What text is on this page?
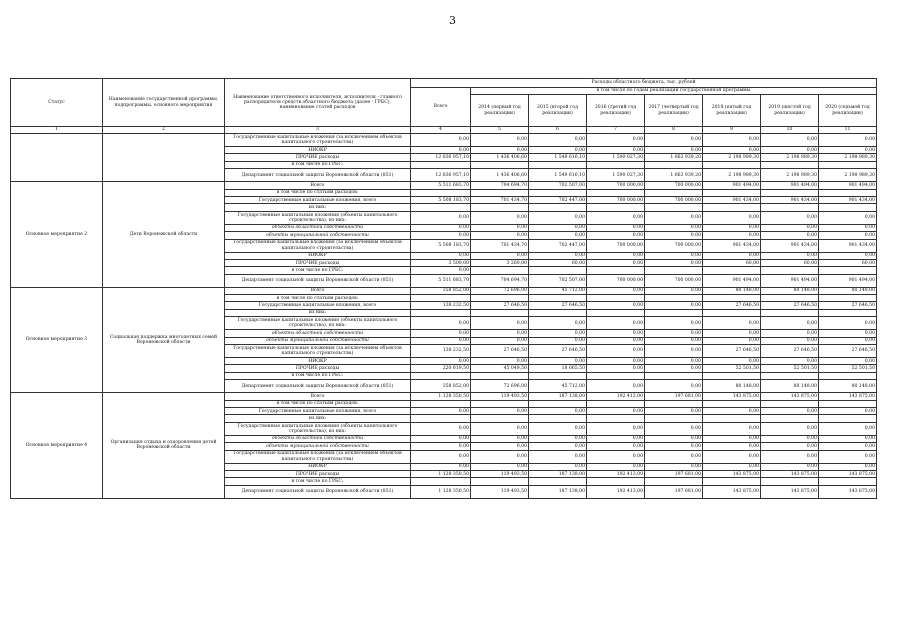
3
Статус	Наименование государственной программы, подпрограммы, основного мероприятия	Наименование ответственного исполнителя, исполнителя - главного распорядителя средств областного бюджета (далее - ГРБС), наименование статей расходов	Расходы областного бюджета, тыс. рублей							
			Всего	в том числе по годам реализации государственной программы						
				2014 (первый год реализации)	2015 (второй год реализации)	2016 (третий год реализации)	2017 (четвертый год реализации)	2018 (пятый год реализации)	2019 (шестой год реализации)	2020 (седьмой год реализации)
1	2	3	4	5	6	7	8	9	10	11
		Государственные капитальные вложения (за исключением объектов капитального строительства)	0,00	0,00	0,00	0,00	0,00	0,00	0,00	0,00
		НИОКР	0,00	0,00	0,00	0,00	0,00	0,00	0,00	0,00
		ПРОЧИЕ расходы	12 836 957,10	1 436 406,60	1 549 616,10	1 590 027,30	1 663 939,20	2 198 989,30	2 198 989,30	2 198 989,30
		в том числе по ГРБС:								
		Департамент социальной защиты Воронежской области (851)	12 836 957,10	1 436 406,60	1 549 616,10	1 590 027,30	1 663 939,20	2 198 989,30	2 198 989,30	2 198 989,30
Основное мероприятие 2	Дети Воронежской области	Всего	5 511 683,70	704 694,70	702 507,00	700 000,00	700 000,00	901 494,00	901 494,00	901 494,00
		в том числе по статьям расходов:								
		Государственные капитальные вложения, всего	5 508 183,70	701 434,70	702 447,00	700 000,00	700 000,00	901 434,00	901 434,00	901 434,00
		из них:								
		Государственные капитальные вложения (объекты капитального строительства), из них:	0,00	0,00	0,00	0,00	0,00	0,00	0,00	0,00
		объекты областной собственности	0,00	0,00	0,00	0,00	0,00	0,00	0,00	0,00
		объекты муниципальной собственности	0,00	0,00	0,00	0,00	0,00	0,00	0,00	0,00
		Государственные капитальные вложения (за исключением объектов капитального строительства)	5 508 183,70	701 434,70	702 447,00	700 000,00	700 000,00	901 434,00	901 434,00	901 434,00
		НИОКР	0,00	0,00	0,00	0,00	0,00	0,00	0,00	0,00
		ПРОЧИЕ расходы	3 500,00	3 260,00	60,00	0,00	0,00	60,00	60,00	60,00
		в том числе по ГРБС:	0,00							
		Департамент социальной защиты Воронежской области (851)	5 511 683,70	704 694,70	702 507,00	700 000,00	700 000,00	901 494,00	901 494,00	901 494,00
Основное мероприятие 3	Социальная поддержка многодетных семей Воронежской области	Всего	358 852,00	72 696,00	45 712,00	0,00	0,00	80 148,00	80 148,00	80 148,00
		в том числе по статьям расходов:								
		Государственные капитальные вложения, всего	138 232,50	27 646,50	27 646,50	0,00	0,00	27 646,50	27 646,50	27 646,50
		из них:								
		Государственные капитальные вложения (объекты капитального строительства), из них:	0,00	0,00	0,00	0,00	0,00	0,00	0,00	0,00
		объекты областной собственности	0,00	0,00	0,00	0,00	0,00	0,00	0,00	0,00
		объекты муниципальной собственности	0,00	0,00	0,00	0,00	0,00	0,00	0,00	0,00
		Государственные капитальные вложения (за исключением объектов капитального строительства)	138 232,50	27 646,50	27 646,50	0,00	0,00	27 646,50	27 646,50	27 646,50
		НИОКР	0,00	0,00	0,00	0,00	0,00	0,00	0,00	0,00
		ПРОЧИЕ расходы	220 619,50	45 049,50	18 065,50	0,00	0,00	52 501,50	52 501,50	52 501,50
		в том числе по ГРБС:								
		Департамент социальной защиты Воронежской области (851)	358 852,00	72 696,00	45 712,00	0,00	0,00	80 148,00	80 148,00	80 148,00
Основное мероприятие 4	Организация отдыха и оздоровления детей Воронежской области	Всего	1 128 350,50	119 493,50	187 138,00	192 413,00	197 681,00	143 875,00	143 875,00	143 875,00
		в том числе по статьям расходов:								
		Государственные капитальные вложения, всего	0,00	0,00	0,00	0,00	0,00	0,00	0,00	0,00
		из них:								
		Государственные капитальные вложения (объекты капитального строительства), из них:	0,00	0,00	0,00	0,00	0,00	0,00	0,00	0,00
		объекты областной собственности	0,00	0,00	0,00	0,00	0,00	0,00	0,00	0,00
		объекты муниципальной собственности	0,00	0,00	0,00	0,00	0,00	0,00	0,00	0,00
		Государственные капитальные вложения (за исключением объектов капитального строительства)	0,00	0,00	0,00	0,00	0,00	0,00	0,00	0,00
		НИОКР	0,00	0,00	0,00	0,00	0,00	0,00	0,00	0,00
		ПРОЧИЕ расходы	1 128 350,50	119 493,50	187 138,00	192 413,00	197 681,00	143 875,00	143 875,00	143 875,00
		в том числе по ГРБС:								
		Департамент социальной защиты Воронежской области (851)	1 128 350,50	119 493,50	187 138,00	192 413,00	197 681,00	143 875,00	143 875,00	143 875,00
